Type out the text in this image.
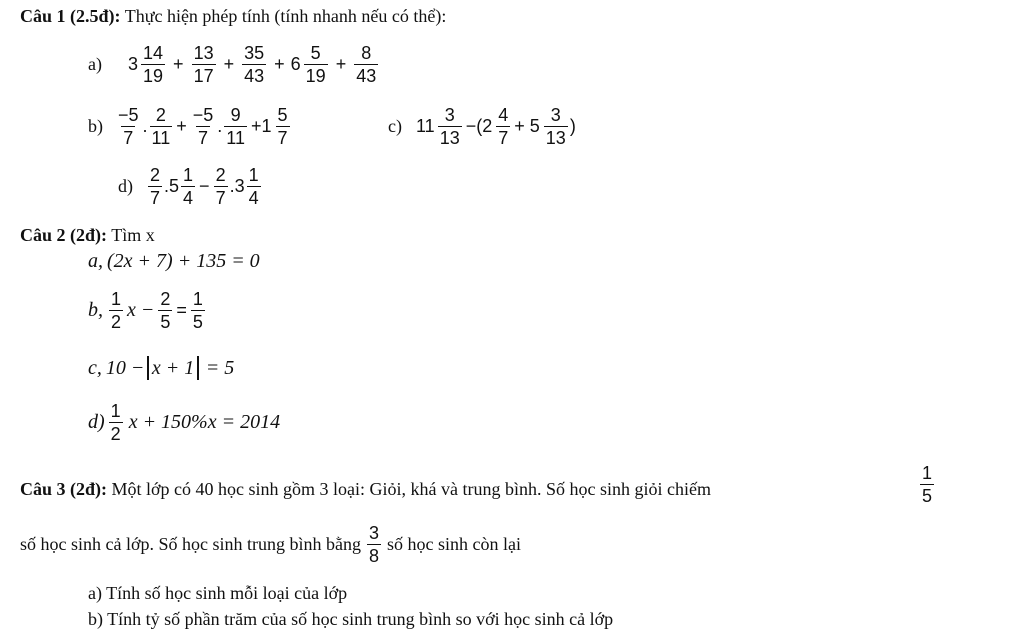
Câu 1 (2.5đ): Thực hiện phép tính (tính nhanh nếu có thể):
a)	$3 \frac{14}{19} + \frac{13}{17} + \frac{35}{43} + 6 \frac{5}{19} + \frac{8}{43}$
$b) \frac{-5}{7}$ . $\frac{2}{11} + \frac{-5}{7}$ . $\frac{9}{11} +1 \frac{5}{7}$	c) $11 \frac{3}{13} -(2 \frac{4}{7} + 5 \frac{3}{13}$ )
$d) \frac{2}{7} .5 \frac{1}{4} - \frac{2}{7} .3 \frac{1}{4}$
Câu 2 (2đ): Tìm x
a, (2x + 7) + 135 = 0
b, $\frac{1}{2}$ $x - \frac{2}{5} = \frac{1}{5}$
c, 10 − x + 1 = 5
$d) \frac{1}{2}$ x + 150%x = 2014
Câu 3 (2đ): Một lớp có 40 học sinh gồm 3 loại: Giỏi, khá và trung bình. Số học sinh giỏi chiếm	$\frac{1}{5}$
số học sinh cả lớp. Số học sinh trung bình bằng $\frac{3}{8}$ số học sinh còn lại
a) Tính số học sinh mỗi loại của lớp
b) Tính tỷ số phần trăm của số học sinh trung bình so với học sinh cả lớp
